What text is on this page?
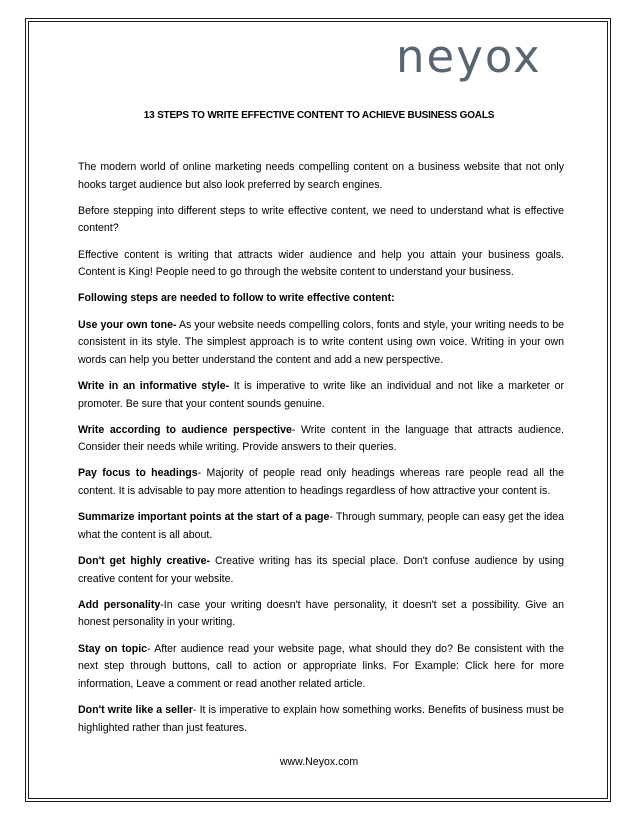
neyox
13 STEPS TO WRITE EFFECTIVE CONTENT TO ACHIEVE BUSINESS GOALS

The modern world of online marketing needs compelling content on a business website that not only hooks target audience but also look preferred by search engines.

Before stepping into different steps to write effective content, we need to understand what is effective content?

Effective content is writing that attracts wider audience and help you attain your business goals. Content is King! People need to go through the website content to understand your business.

Following steps are needed to follow to write effective content:

Use your own tone- As your website needs compelling colors, fonts and style, your writing needs to be consistent in its style. The simplest approach is to write content using own voice. Writing in your own words can help you better understand the content and add a new perspective.

Write in an informative style- It is imperative to write like an individual and not like a marketer or promoter. Be sure that your content sounds genuine.

Write according to audience perspective- Write content in the language that attracts audience. Consider their needs while writing. Provide answers to their queries.

Pay focus to headings- Majority of people read only headings whereas rare people read all the content. It is advisable to pay more attention to headings regardless of how attractive your content is.

Summarize important points at the start of a page- Through summary, people can easy get the idea what the content is all about.

Don't get highly creative- Creative writing has its special place. Don't confuse audience by using creative content for your website.

Add personality-In case your writing doesn't have personality, it doesn't set a possibility. Give an honest personality in your writing.

Stay on topic- After audience read your website page, what should they do? Be consistent with the next step through buttons, call to action or appropriate links. For Example: Click here for more information, Leave a comment or read another related article.

Don't write like a seller- It is imperative to explain how something works. Benefits of business must be highlighted rather than just features.

www.Neyox.com
